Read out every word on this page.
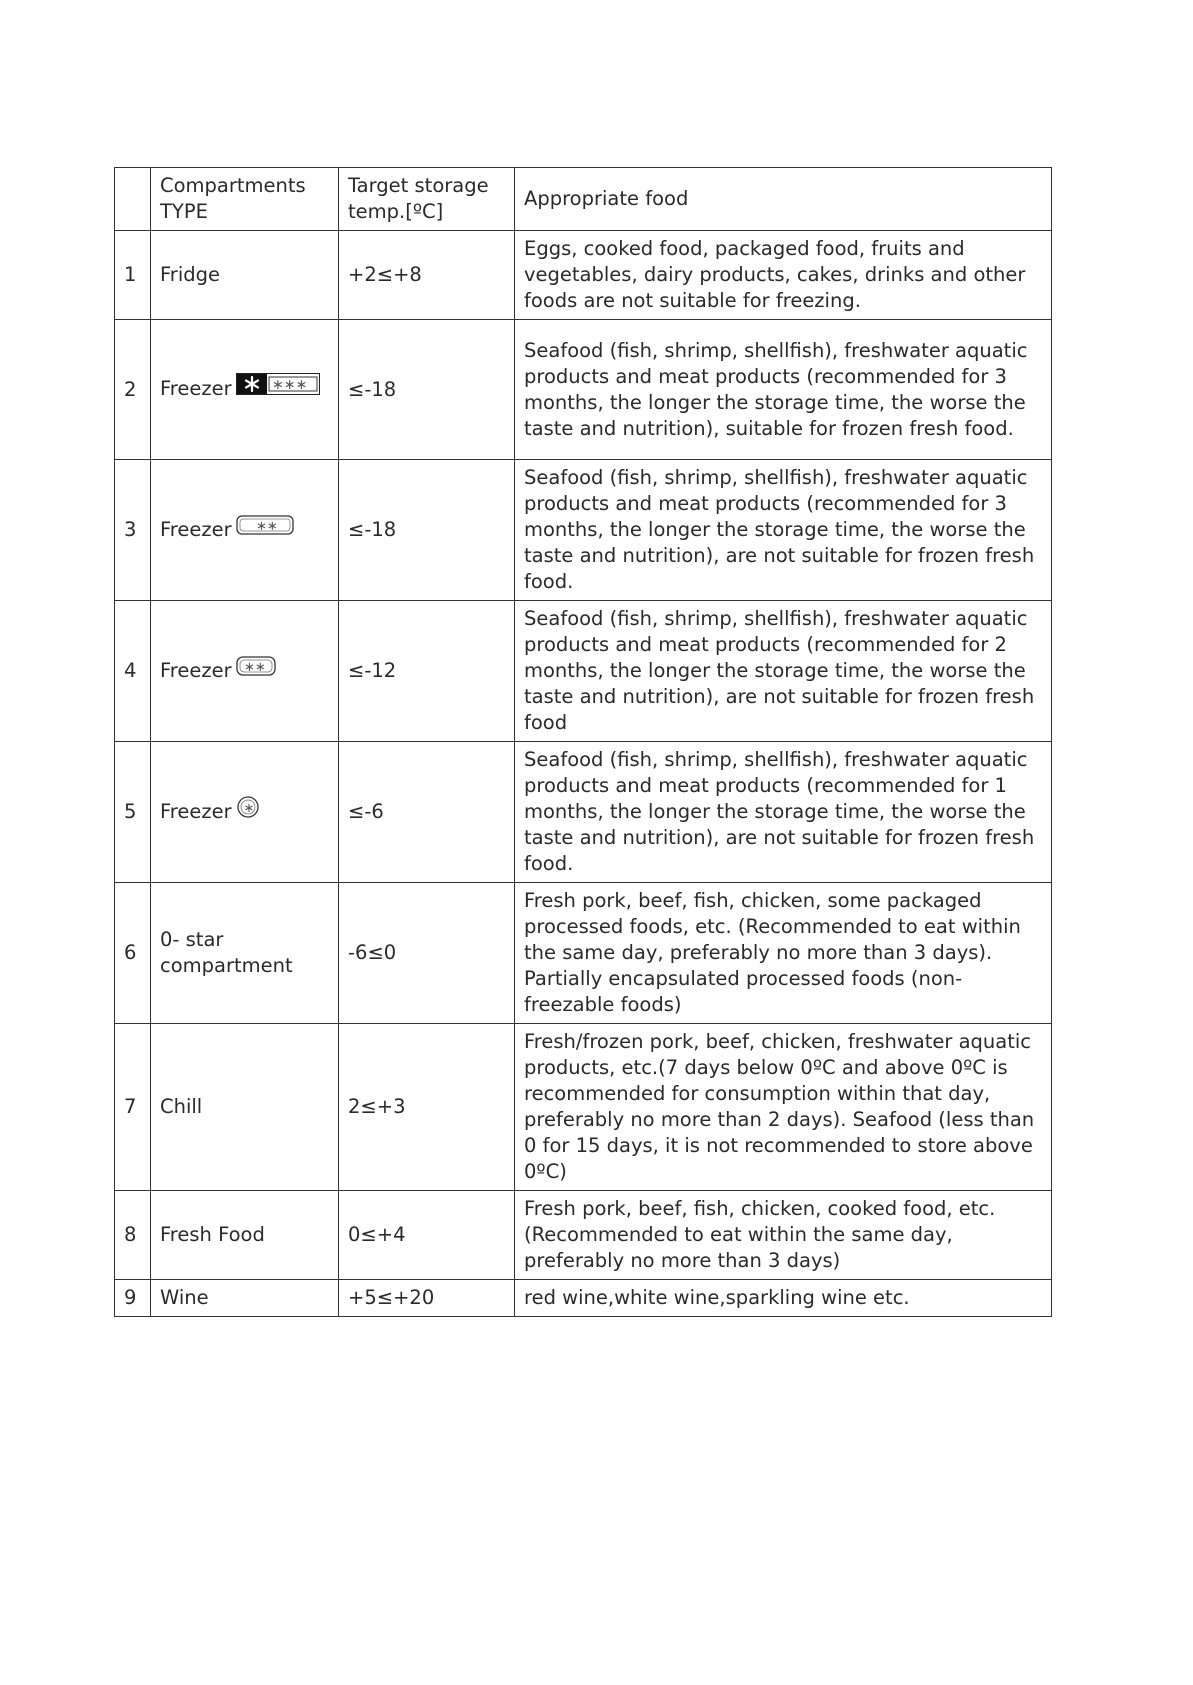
	Compartments TYPE	Target storage temp.[ºC]	Appropriate food
1	Fridge	+2≤+8	Eggs, cooked food, packaged food, fruits and vegetables, dairy products, cakes, drinks and other foods are not suitable for freezing.
2	Freezer ∗∗∗	≤-18	Seafood (fish, shrimp, shellfish), freshwater aquatic products and meat products (recommended for 3 months, the longer the storage time, the worse the taste and nutrition), suitable for frozen fresh food.
3	Freezer ∗∗	≤-18	Seafood (fish, shrimp, shellfish), freshwater aquatic products and meat products (recommended for 3 months, the longer the storage time, the worse the taste and nutrition), are not suitable for frozen fresh food.
4	Freezer ∗∗	≤-12	Seafood (fish, shrimp, shellfish), freshwater aquatic products and meat products (recommended for 2 months, the longer the storage time, the worse the taste and nutrition), are not suitable for frozen fresh food
5	Freezer ∗	≤-6	Seafood (fish, shrimp, shellfish), freshwater aquatic products and meat products (recommended for 1 months, the longer the storage time, the worse the taste and nutrition), are not suitable for frozen fresh food.
6	0- star compartment	-6≤0	Fresh pork, beef, fish, chicken, some packaged processed foods, etc. (Recommended to eat within the same day, preferably no more than 3 days). Partially encapsulated processed foods (non-freezable foods)
7	Chill	2≤+3	Fresh/frozen pork, beef, chicken, freshwater aquatic products, etc.(7 days below 0ºC and above 0ºC is recommended for consumption within that day, preferably no more than 2 days). Seafood (less than 0 for 15 days, it is not recommended to store above 0ºC)
8	Fresh Food	0≤+4	Fresh pork, beef, fish, chicken, cooked food, etc. (Recommended to eat within the same day, preferably no more than 3 days)
9	Wine	+5≤+20	red wine,white wine,sparkling wine etc.
